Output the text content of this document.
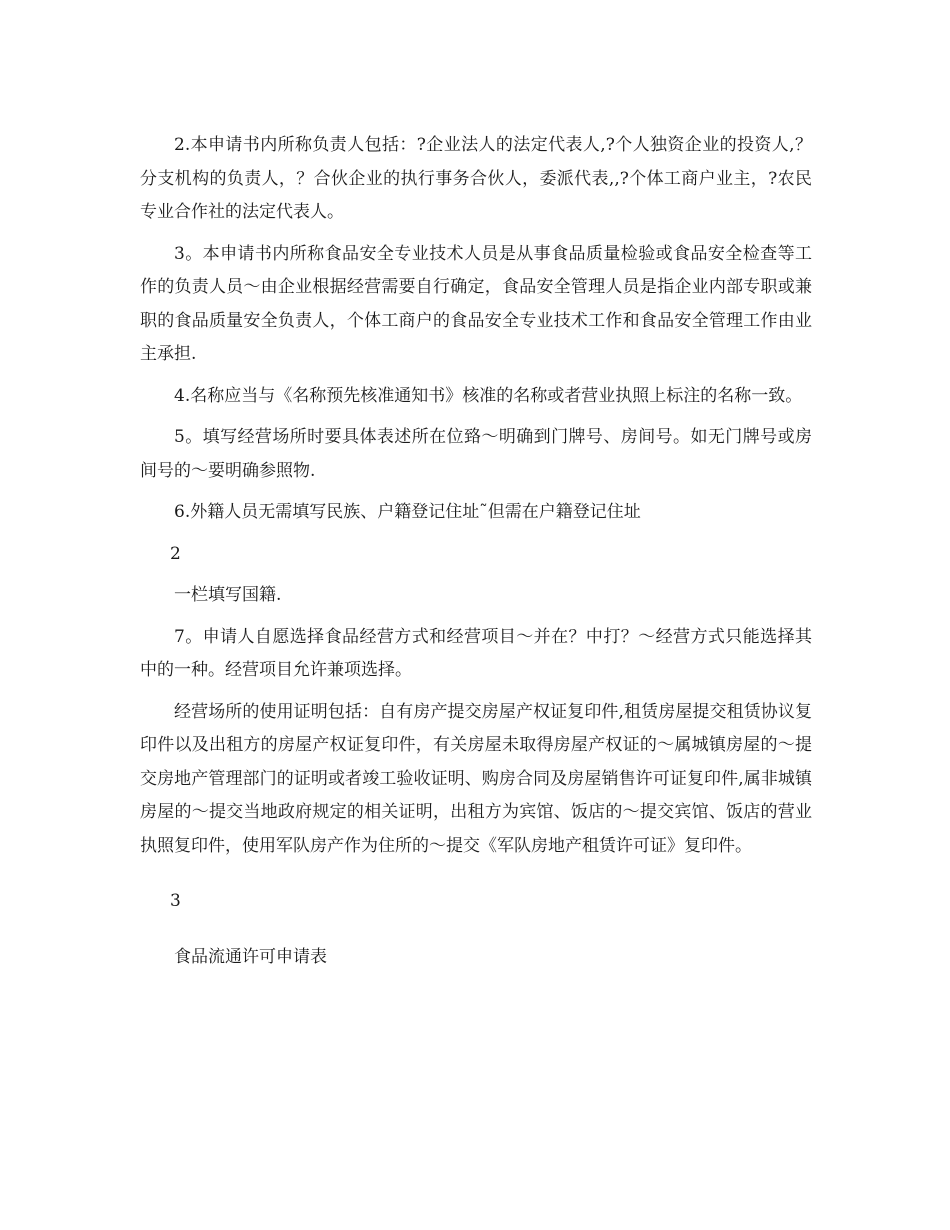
2.本申请书内所称负责人包括：?企业法人的法定代表人,?个人独资企业的投资人,？分支机构的负责人，？合伙企业的执行事务合伙人，委派代表,,?个体工商户业主，?农民专业合作社的法定代表人。

3。本申请书内所称食品安全专业技术人员是从事食品质量检验或食品安全检查等工作的负责人员～由企业根据经营需要自行确定，食品安全管理人员是指企业内部专职或兼职的食品质量安全负责人，个体工商户的食品安全专业技术工作和食品安全管理工作由业主承担.

4.名称应当与《名称预先核准通知书》核准的名称或者营业执照上标注的名称一致。

5。填写经营场所时要具体表述所在位臵～明确到门牌号、房间号。如无门牌号或房间号的～要明确参照物.

6.外籍人员无需填写民族、户籍登记住址˜但需在户籍登记住址

2

一栏填写国籍.

7。申请人自愿选择食品经营方式和经营项目～并在？中打？～经营方式只能选择其中的一种。经营项目允许兼项选择。

经营场所的使用证明包括：自有房产提交房屋产权证复印件,租赁房屋提交租赁协议复印件以及出租方的房屋产权证复印件，有关房屋未取得房屋产权证的～属城镇房屋的～提交房地产管理部门的证明或者竣工验收证明、购房合同及房屋销售许可证复印件,属非城镇房屋的～提交当地政府规定的相关证明，出租方为宾馆、饭店的～提交宾馆、饭店的营业执照复印件，使用军队房产作为住所的～提交《军队房地产租赁许可证》复印件。

3

食品流通许可申请表
